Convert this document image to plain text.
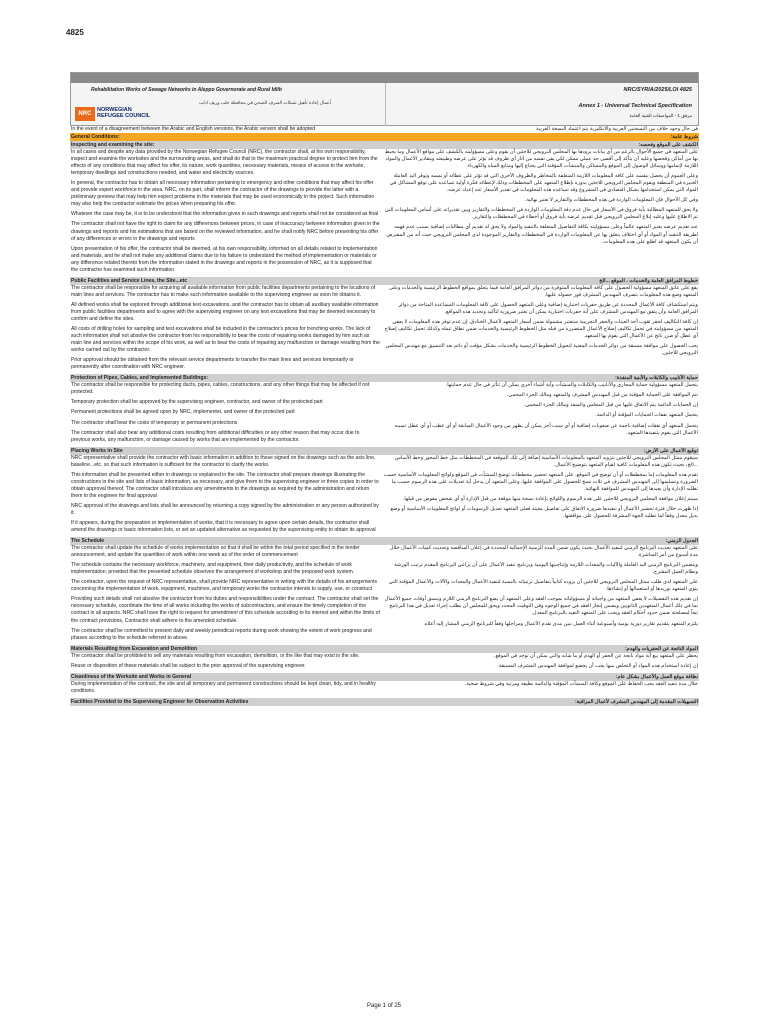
4825
Rehabilitation Works of Sewage Networks in Aleppo Governorate and Rural Idlib
أعمال إعادة تأهيل شبكات الصرف الصحي في محافظة حلب وريف ادلب
NRC
NORWEGIAN
REFUGEE COUNCIL
NRC/SYRIA/2025/LOI 4825
Annex 1 - Universal Technical Specification
مرفق 1 - المواصفات الفنية العامة
In the event of a disagreement between the Arabic and English versions, the Arabic version shall be adopted	في حال وجود خلاف بين النسختين العربية والانكليزية يتم اعتماد النسخة العربية
General Conditions:	شروط عامة:
Inspecting and examining the site:	الكشف على الموقع وفحصه:

In all cases and despite any data provided by the Norwegian Refugee Council (NRC), the contractor shall, at his own responsibility, inspect and examine the worksites and the surrounding areas, and shall do that to the maximum practical degree to protect him from the effects of any conditions that may affect his offer, its nature, work quantities, necessary materials, means of access to the worksite, temporary dwellings and constructions needed, and water and electricity sources.

In general, the contractor has to obtain all necessary information pertaining to emergency and other conditions that may affect his offer and provide expert workforce in the area. NRC, on its part, shall inform the contractor of the drawings to provide the latter with a preliminary preview that may help him expect problems in the materials that may be used economically in the project. Such information may also help the contractor estimate the prices when preparing his offer.

Whatever the case may be, it is to be understood that the information given in such drawings and reports shall not be considered as final

The contractor shall not have the right to claim for any differences between prices, in case of inaccuracy between information given in the drawings and reports and his estimations that are based on the reviewed information, and he shall notify NRC before presenting his offer of any differences or errors in the drawings and reports

Upon presentation of his offer, the contractor shall be deemed, at his own responsibility, informed on all details related to implementation and materials, and he shall not make any additional claims due to his failure to understand the method of implementation or materials or any difference related thereto from the information stated in the drawings and reports in the possession of NRC, as it is supposed that the contractor has examined such information.

على المتعهد في جميع الأحوال بالرغم من أي بيانات يزودها بها المجلس النرويجي للاجئين أن يقوم وعلى مسؤوليته بالكشف على مواقع الأعمال وما يحيط بها من أماكن وفحصها وعليه أن يتأكد إلى أقصى حد عملي ممكن لكي يقي نفسه من آثار أي ظروف قد تؤثر على عرضه وطبيعته ومقادير الأعمال والمواد اللازمة لإتمامها ووسائل الوصول إلى الموقع والمساكن والمنشآت المؤقتة التي يحتاج إليها ومنابع المياه والكهرباء.

وعلى العموم أن يحصل بنفسه على كافة المعلومات اللازمة المتعلقة بالمخاطر والظروف الأخرى التي قد تؤثر على عطائه أو تمسه وتوفر اليد العاملة الخبيرة في المنطقة ويقوم المجلس النرويجي للاجئين بدوره بإطلاع المتعهد على المخططات وذلك لإعطائه فكرة أولية تساعده على توقع المشاكل في المواد التي يمكن استخدامها بشكل اقتصادي في المشروع وقد تساعده هذه المعلومات في تقدير الأسعار عند إعداد عرضه.

وفي كل الأحوال فإن المعلومات الواردة في هذه المخططات والتقارير لا تعتبر نهائية.

ولا يحق للمتعهد المطالبة بأية فروق في الأسعار في حال عدم دقة المعلومات الواردة في المخططات والتقارير وبين تقديراته على أساس المعلومات التي تم الاطلاع عليها وعليه إبلاغ المجلس النرويجي قبل تقديم عرضه بأية فروق أو أخطاء في المخططات والتقارير.

عند تقديم عرضه يعتبر المتعهد عالماً وعلى مسؤوليته بكافة التفاصيل المتعلقة بالتنفيذ والمواد ولا يحق له تقديم أي مطالبات إضافية بسبب عدم فهمه لطريقة التنفيذ أو المواد أو أي اختلاف يتعلق بها عن المعلومات الواردة في المخططات والتقارير الموجودة لدى المجلس النرويجي حيث أنه من المفترض أن يكون المتعهد قد اطلع على هذه المعلومات.

Public Facilities and Service Lines, the Site...etc	خطوط المرافق العامة والخدمات ، الموقع ...الخ

The contractor shall be responsible for acquiring all available information from public facilities departments pertaining to the locations of main lines and services. The contractor has to make such information available to the supervising engineer as soon he obtains it.

All defined works shall be explored through additional test excavations, and the contractor has to obtain all auxiliary available information from public facilities departments and to agree with the supervising engineer on any test excavations that may be deemed necessary to confirm and define the sites.

All costs of drilling holes for sampling and test excavations shall be included in the contractor's prices for trenching works. The lack of such information shall not absolve the contractor from his responsibility to bear the costs of repairing works damaged by him such as main line and services within the scope of his work, as well as to bear the costs of repairing any malfunction or damage resulting from the works carried out by the contractor.

Prior approval should be obtained from the relevant service departments to transfer the main lines and services temporarily or permanently after coordination with NRC engineer.

يقع على عاتق المتعهد مسؤولية الحصول على كافة المعلومات المتوفرة من دوائر المرافق العامة فيما يتعلق بمواقع الخطوط الرئيسية والخدمات وعلى المتعهد وضع هذه المعلومات بتصرف المهندس المشرف فور حصوله عليها.

ويتم استكشاف كافة الأعمال المحددة عن طريق حفريات اختبارية إضافية وعلى المتعهد الحصول على كافة المعلومات المساعدة المتاحة من دوائر المرافق العامة وأن يتفق مع المهندس المشرف على أية حفريات اختبارية يمكن أن تعتبر ضرورية لتأكيد وتحديد هذه المواقع.

إن كافة التكاليف لحفر ثقوب أخذ العينات والحفر التجريبية ستعتبر مشمولة ضمن أسعار المتعهد لأعمال الخنادق. إن عدم توفر هذه المعلومات لا يعفي المتعهد من مسؤوليته في تحمل تكاليف إصلاح الأعمال المتضررة من قبله مثل الخطوط الرئيسية والخدمات ضمن نطاق عمله وكذلك تحمل تكاليف إصلاح أي عطل أو ضرر ناتج عن الأعمال التي يقوم بها المتعهد.

يجب الحصول على موافقة مسبقة من دوائر الخدمات المعنية لتحويل الخطوط الرئيسية والخدمات بشكل مؤقت أو دائم بعد التنسيق مع مهندس المجلس النرويجي للاجئين.

Protection of Pipes, Cables, and Implemented Buildings:	حماية الأنابيب والكابلات والأبنية المنفذة:

The contractor shall be responsible for protecting ducts, pipes, cables, constructions, and any other things that may be affected if not protected.

Temporary protection shall be approved by the supervising engineer, contractor, and owner of the protected part

Permanent protections shall be agreed upon by NRC, implementer, and owner of the protected part

The contractor shall bear the costs of temporary or permanent protections

The contractor shall also bear any additional costs resulting from additional difficulties or any other reason that may occur due to previous works, any malfunction, or damage caused by works that are implemented by the contractor.

يتحمل المتعهد مسؤولية حماية المجاري والأنابيب والكابلات والمنشآت وأية أشياء أخرى يمكن أن تتأثر في حال عدم حمايتها.

تتم الموافقة على الحماية المؤقتة من قبل المهندس المشرف والمتعهد ومالك الجزء المحمي.

إن الحمايات الدائمة يتم الاتفاق عليها من قبل المجلس والمنفذ ومالك الجزء المحمي.

يتحمل المتعهد نفقات الحمايات المؤقتة أو الدائمة.

يتحمل المتعهد أي نفقات إضافية ناجمة عن صعوبات إضافية أو أي سبب آخر يمكن أن يظهر من وجود الأعمال السابقة أو أي عطب أو أي عطل تسببه الأعمال التي يقوم بتنفيذها المتعهد.

Placing Works in Site	توقيع الأعمال على الأرض:

NRC representative shall provide the contractor with basic information in addition to those signed on the drawings such as the axis line, baseline...etc. so that such information is sufficient for the contractor to clarify the works.

This information shall be presented either in drawings or explained in the site. The contractor shall prepare drawings illustrating the constructions in the site and lists of basic information, as necessary, and give them to the supervising engineer in three copies in order to obtain approval thereof. The contractor shall introduce any amendments to the drawings as required by the administration and return them to the engineer for final approval

NRC approval of the drawings and lists shall be announced by returning a copy signed by the administration or any person authorized by it.

If it appears, during the preparation or implementation of works, that it is necessary to agree upon certain details, the contractor shall amend the drawings or basic information lists, or set an updated alternative as requested by the supervising entity to obtain its approval

سيقوم ممثل المجلس النرويجي للاجئين بتزويد المتعهد بالمعلومات الأساسية إضافة إلى تلك الموقعة في المخططات مثل خط المحور وخط الأساس ...الخ، بحيث تكون هذه المعلومات كافية لقيام المتعهد بتوضيح الأعمال.

تقدم هذه المعلومات إما بمخططات أو أن توضح في الموقع. على المتعهد تحضير مخططات توضح المنشآت في الموقع ولوائح المعلومات الأساسية حسب الضرورة وتسليمها إلى المهندس المشرف في ثلاث نسخ للحصول على الموافقة عليها. وعلى المتعهد أن يدخل أية تعديلات على هذه الرسوم حسب ما تطلبه الإدارة وأن يعيدها إلى المهندس للموافقة النهائية.

سيتم إعلان موافقة المجلس النرويجي للاجئين على هذه الرسوم واللوائح بإعادة نسخة منها موقعة من قبل الإدارة أو أي شخص مفوض من قبلها.

إذا ظهرت خلال فترة تحضير الأعمال أو تنفيذها ضرورة الاتفاق على تفاصيل معينة فعلى المتعهد تعديل الرسومات أو لوائح المعلومات الأساسية أو وضع بديل معدل وفقاً لما تطلبه الجهة المشرفة للحصول على موافقتها.

The Schedule	الجدول الزمني:

The contractor shall update the schedule of works implementation so that it shall be within the total period specified in the tender announcement, and update the quantities of work within one week as of the order of commencement

The schedule contains the necessary workforce, machinery, and equipment, their daily productivity, and the schedule of work implementation, provided that the presented schedule observes the arrangement of workshop and the proposed work system.

The contractor, upon the request of NRC representative, shall provide NRC representative in writing with the details of his arrangements concerning the implementation of work, equipment, machines, and temporary works the contractor intends to supply, use, or construct

Providing such details shall not absolve the contractor from his duties and responsibilities under the contract. The contractor shall set the necessary schedule, coordinate the time of all works including the works of subcontractors, and ensure the timely completion of the contract in all aspects. NRC shall have the right to request for amendment of this schedule according to its interest and within the limits of the contract provisions, Contractor shall adhere to the amended schedule.

The contractor shall be committed to present daily and weekly periodical reports during work showing the extent of work progress and phases according to the schedule referred to above.

على المتعهد تحديث البرنامج الزمني لتنفيذ الأعمال بحيث يكون ضمن المدة الزمنية الإجمالية المحددة في إعلان المناقصة وتحديث كميات الأعمال خلال مدة أسبوع من أمر المباشرة.

ويتضمن البرنامج الزمني اليد العاملة والآليات والمعدات اللازمة وإنتاجيتها اليومية وبرنامج تنفيذ الأعمال على أن يراعي البرنامج المقدم ترتيب الورشة ونظام العمل المقترح.

على المتعهد لدى طلب ممثل المجلس النرويجي للاجئين أن يزوده كتابياً بتفاصيل ترتيباته بالنسبة لتنفيذ الأعمال والمعدات والآلات والأعمال المؤقتة التي ينوي المتعهد توريدها أو استعمالها أو إنشاءها.

إن تقديم هذه التفصيلات لا يعفي المتعهد من واجباته أو مسؤولياته بموجب العقد وعلى المتعهد أن يضع البرنامج الزمني اللازم وينسق أوقات جميع الأعمال بما في ذلك أعمال المتعهدين الثانويين ويضمن إنجاز العقد في جميع الوجوه وفي التوقيت المحدد ويحق للمجلس أن يطلب إجراء تعديل في هذا البرنامج تبعاً لمصلحته ضمن حدود أحكام العقد ويجب على المتعهد التقيد بالبرنامج المعدل.

يلتزم المتعهد بتقديم تقارير دورية يومية وأسبوعية أثناء العمل تبين مدى تقدم الأعمال ومراحلها وفقاً للبرنامج الزمني المشار إليه أعلاه.

Materials Resulting from Excavation and Demolition	المواد الناتجة عن الحفريات والهدم:

The contractor shall be prohibited to sell any materials resulting from excavation, demolition, or the like that may exist in the site.

Reuse or disposition of these materials shall be subject to the prior approval of the supervising engineer.

يحظر على المتعهد بيع أية مواد ناتجة عن الحفر أو الهدم أو ما شابه والتي يمكن أن توجد في الموقع.

إن إعادة استخدام هذه المواد أو التخلص منها يجب أن يخضع لموافقة المهندس المشرف المسبقة.

Cleanliness of the Worksite and Works in General	نظافة موقع العمل والأعمال بشكل عام:

During implementation of the contract, the site and all temporary and permanent constructions should be kept clean, tidy, and in healthy conditions.

خلال مدة تنفيذ العقد يجب الحفاظ على الموقع وكافة المنشآت المؤقتة والدائمة نظيفة ومرتبة وفي شروط صحية.

Facilities Provided to the Supervising Engineer for Observation Activities	التسهيلات المقدمة إلى المهندس المشرف لأعمال المراقبة:
Page 1 of 25
